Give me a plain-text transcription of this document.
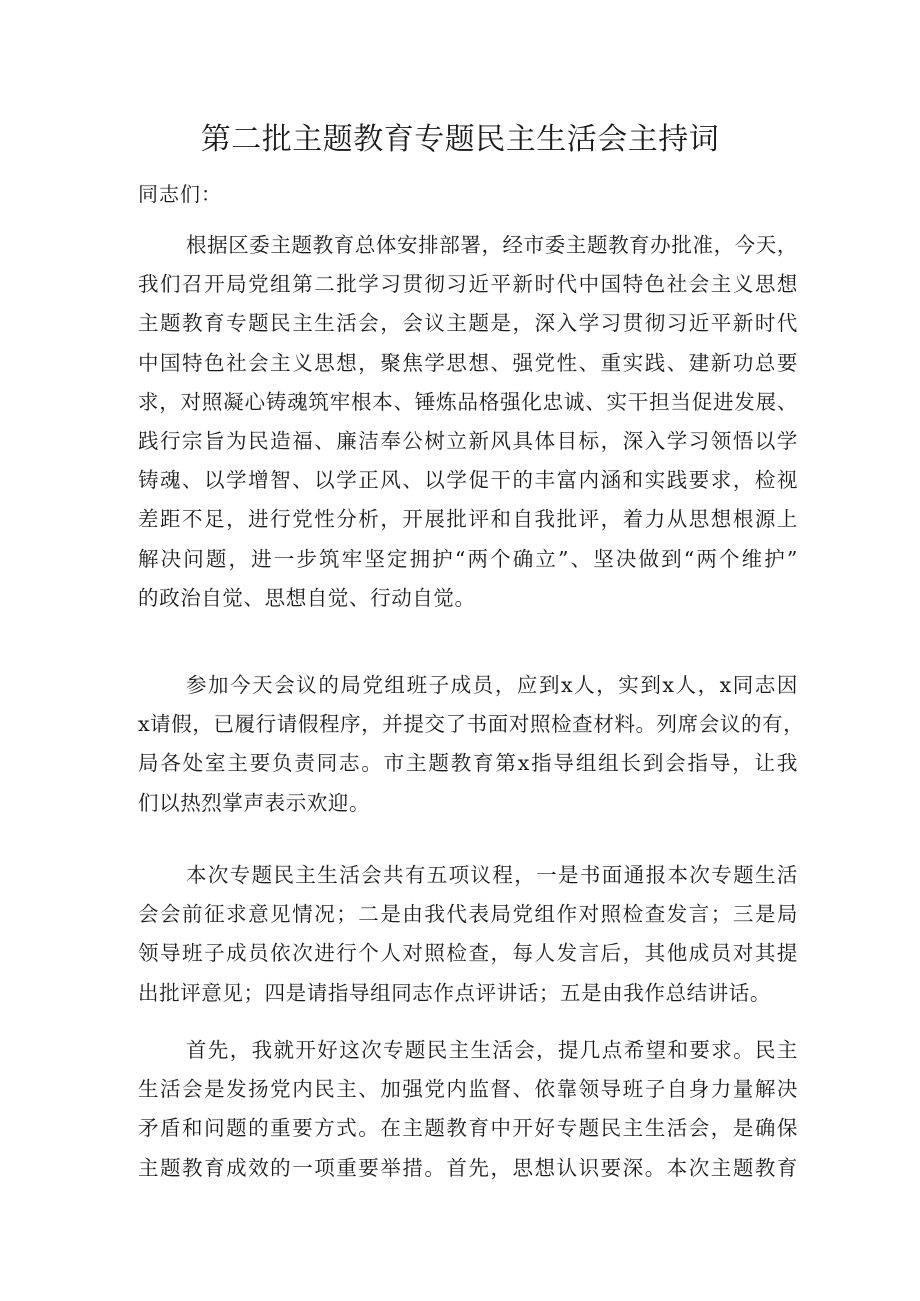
第二批主题教育专题民主生活会主持词

同志们：

根据区委主题教育总体安排部署，经市委主题教育办批准，今天，
我们召开局党组第二批学习贯彻习近平新时代中国特色社会主义思想
主题教育专题民主生活会，会议主题是，深入学习贯彻习近平新时代
中国特色社会主义思想，聚焦学思想、强党性、重实践、建新功总要
求，对照凝心铸魂筑牢根本、锤炼品格强化忠诚、实干担当促进发展、
践行宗旨为民造福、廉洁奉公树立新风具体目标，深入学习领悟以学
铸魂、以学增智、以学正风、以学促干的丰富内涵和实践要求，检视
差距不足，进行党性分析，开展批评和自我批评，着力从思想根源上
解决问题，进一步筑牢坚定拥护“两个确立”、坚决做到“两个维护”
的政治自觉、思想自觉、行动自觉。
参加今天会议的局党组班子成员，应到x人，实到x人，x同志因
x请假，已履行请假程序，并提交了书面对照检查材料。列席会议的有，
局各处室主要负责同志。市主题教育第x指导组组长到会指导，让我
们以热烈掌声表示欢迎。
本次专题民主生活会共有五项议程，一是书面通报本次专题生活
会会前征求意见情况；二是由我代表局党组作对照检查发言；三是局
领导班子成员依次进行个人对照检查，每人发言后，其他成员对其提
出批评意见；四是请指导组同志作点评讲话；五是由我作总结讲话。
首先，我就开好这次专题民主生活会，提几点希望和要求。民主
生活会是发扬党内民主、加强党内监督、依靠领导班子自身力量解决
矛盾和问题的重要方式。在主题教育中开好专题民主生活会，是确保
主题教育成效的一项重要举措。首先，思想认识要深。本次主题教育
